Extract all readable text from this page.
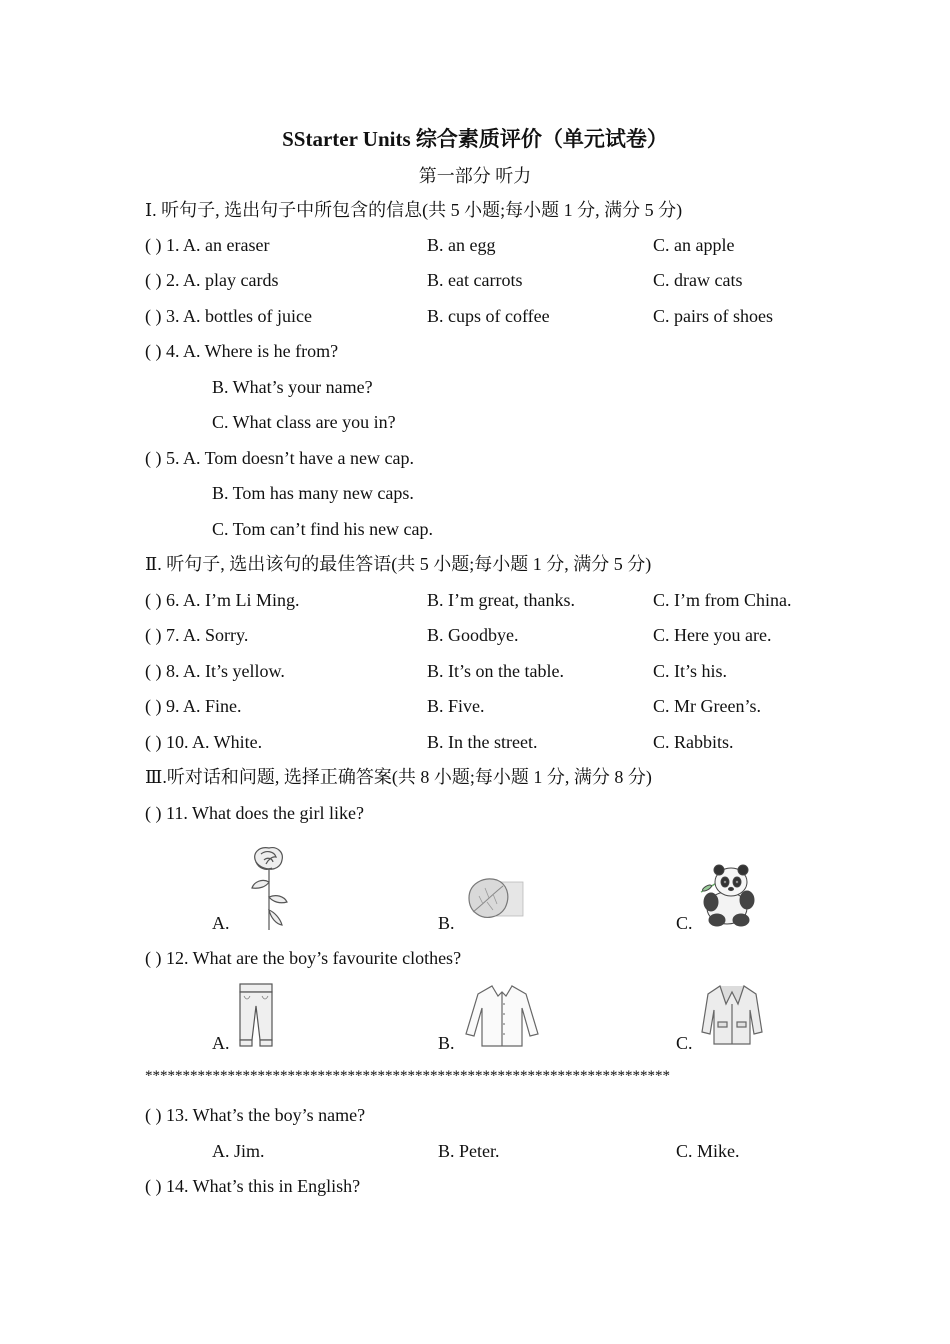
SStarter Units 综合素质评价（单元试卷）
第一部分 听力
Ⅰ. 听句子, 选出句子中所包含的信息(共 5 小题;每小题 1 分, 满分 5 分)
( ) 1. A. an eraser	B. an egg	C. an apple
( ) 2. A. play cards	B. eat carrots	C. draw cats
( ) 3. A. bottles of juice	B. cups of coffee	C. pairs of shoes
( ) 4. A. Where is he from?
B. What’s your name?
C. What class are you in?
( ) 5. A. Tom doesn’t have a new cap.
B. Tom has many new caps.
C. Tom can’t find his new cap.
Ⅱ. 听句子, 选出该句的最佳答语(共 5 小题;每小题 1 分, 满分 5 分)
( ) 6. A. I’m Li Ming.	B. I’m great, thanks.	C. I’m from China.
( ) 7. A. Sorry.	B. Goodbye.	C. Here you are.
( ) 8. A. It’s yellow.	B. It’s on the table.	C. It’s his.
( ) 9. A. Fine.	B. Five.	C. Mr Green’s.
( ) 10. A. White.	B. In the street.	C. Rabbits.
Ⅲ.听对话和问题, 选择正确答案(共 8 小题;每小题 1 分, 满分 8 分)
( ) 11. What does the girl like?
A.	B.	C.
( ) 12. What are the boy’s favourite clothes?
A.	B.	C.
**********************************************************************
( ) 13. What’s the boy’s name?
A. Jim.	B. Peter.	C. Mike.
( ) 14. What’s this in English?
